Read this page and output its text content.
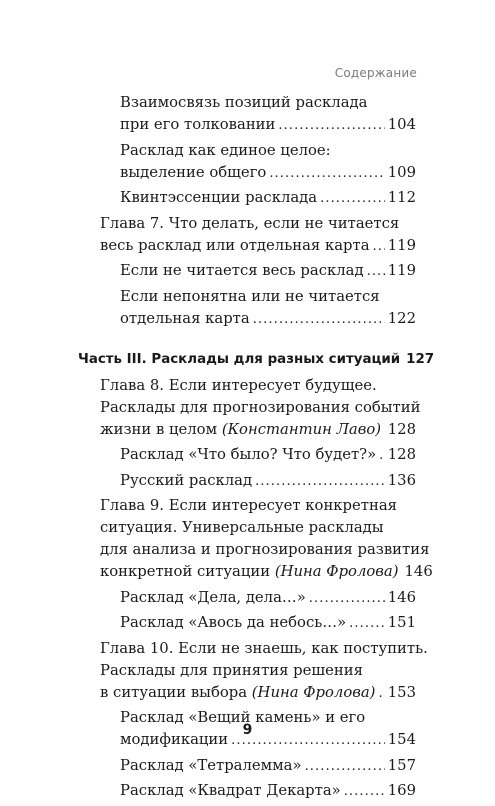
Содержание
Взаимосвязь позиций расклада
при его толковании .....	104
Расклад как единое целое:
выделение общего .....	109
Квинтэссенции расклада .....	112
Глава 7. Что делать, если не читается
весь расклад или отдельная карта ..... 119
Если не читается весь расклад ..... 119
Если непонятна или не читается
отдельная карта .....	122
Часть III. Расклады для разных ситуаций 127
Глава 8. Если интересует будущее.
Расклады для прогнозирования событий
жизни в целом (Константин Лаво) ..... 128
Расклад «Что было? Что будет?» ..... 128
Русский расклад .....	136
Глава 9. Если интересует конкретная
ситуация. Универсальные расклады
для анализа и прогнозирования развития
конкретной ситуации (Нина Фролова) 146
Расклад «Дела, дела…» .....	146
Расклад «Авось да небось…» .....	151
Глава 10. Если не знаешь, как поступить.
Расклады для принятия решения
в ситуации выбора (Нина Фролова) ..... 153
Расклад «Вещий камень» и его
модификации .....	154
Расклад «Тетралемма» .....	157
Расклад «Квадрат Декарта» .....	169
9
